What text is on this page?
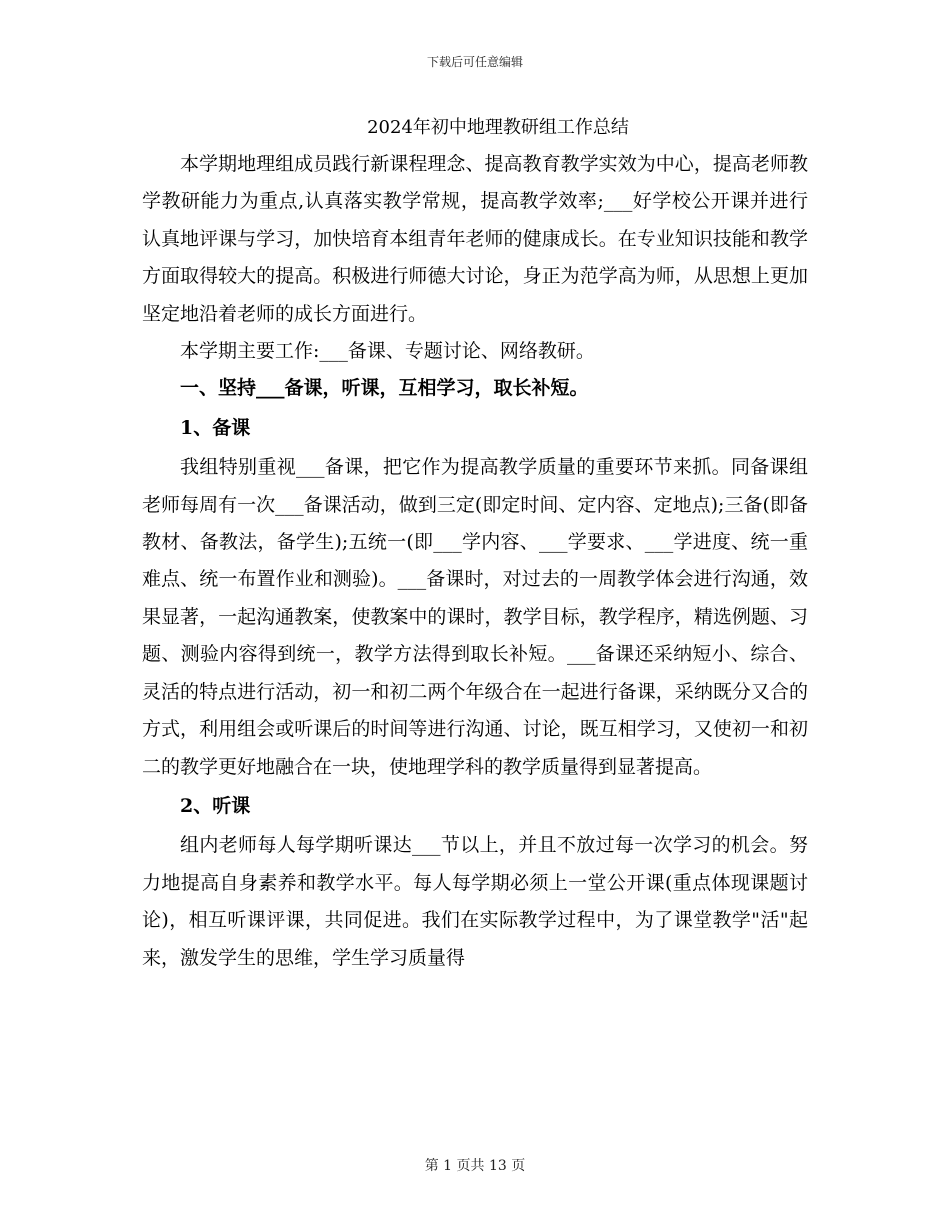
下载后可任意编辑
2024年初中地理教研组工作总结

本学期地理组成员践行新课程理念、提高教育教学实效为中心，提高老师教学教研能力为重点,认真落实教学常规，提高教学效率;___好学校公开课并进行认真地评课与学习，加快培育本组青年老师的健康成长。在专业知识技能和教学方面取得较大的提高。积极进行师德大讨论，身正为范学高为师，从思想上更加坚定地沿着老师的成长方面进行。

本学期主要工作:___备课、专题讨论、网络教研。

一、坚持___备课，听课，互相学习，取长补短。

1、备课

我组特别重视___备课，把它作为提高教学质量的重要环节来抓。同备课组老师每周有一次___备课活动，做到三定(即定时间、定内容、定地点);三备(即备教材、备教法，备学生);五统一(即___学内容、___学要求、___学进度、统一重难点、统一布置作业和测验)。___备课时，对过去的一周教学体会进行沟通，效果显著，一起沟通教案，使教案中的课时，教学目标，教学程序，精选例题、习题、测验内容得到统一，教学方法得到取长补短。___备课还采纳短小、综合、灵活的特点进行活动，初一和初二两个年级合在一起进行备课，采纳既分又合的方式，利用组会或听课后的时间等进行沟通、讨论，既互相学习，又使初一和初二的教学更好地融合在一块，使地理学科的教学质量得到显著提高。

2、听课

组内老师每人每学期听课达___节以上，并且不放过每一次学习的机会。努力地提高自身素养和教学水平。每人每学期必须上一堂公开课(重点体现课题讨论)，相互听课评课，共同促进。我们在实际教学过程中，为了课堂教学"活"起来，激发学生的思维，学生学习质量得

第 1 页共 13 页
